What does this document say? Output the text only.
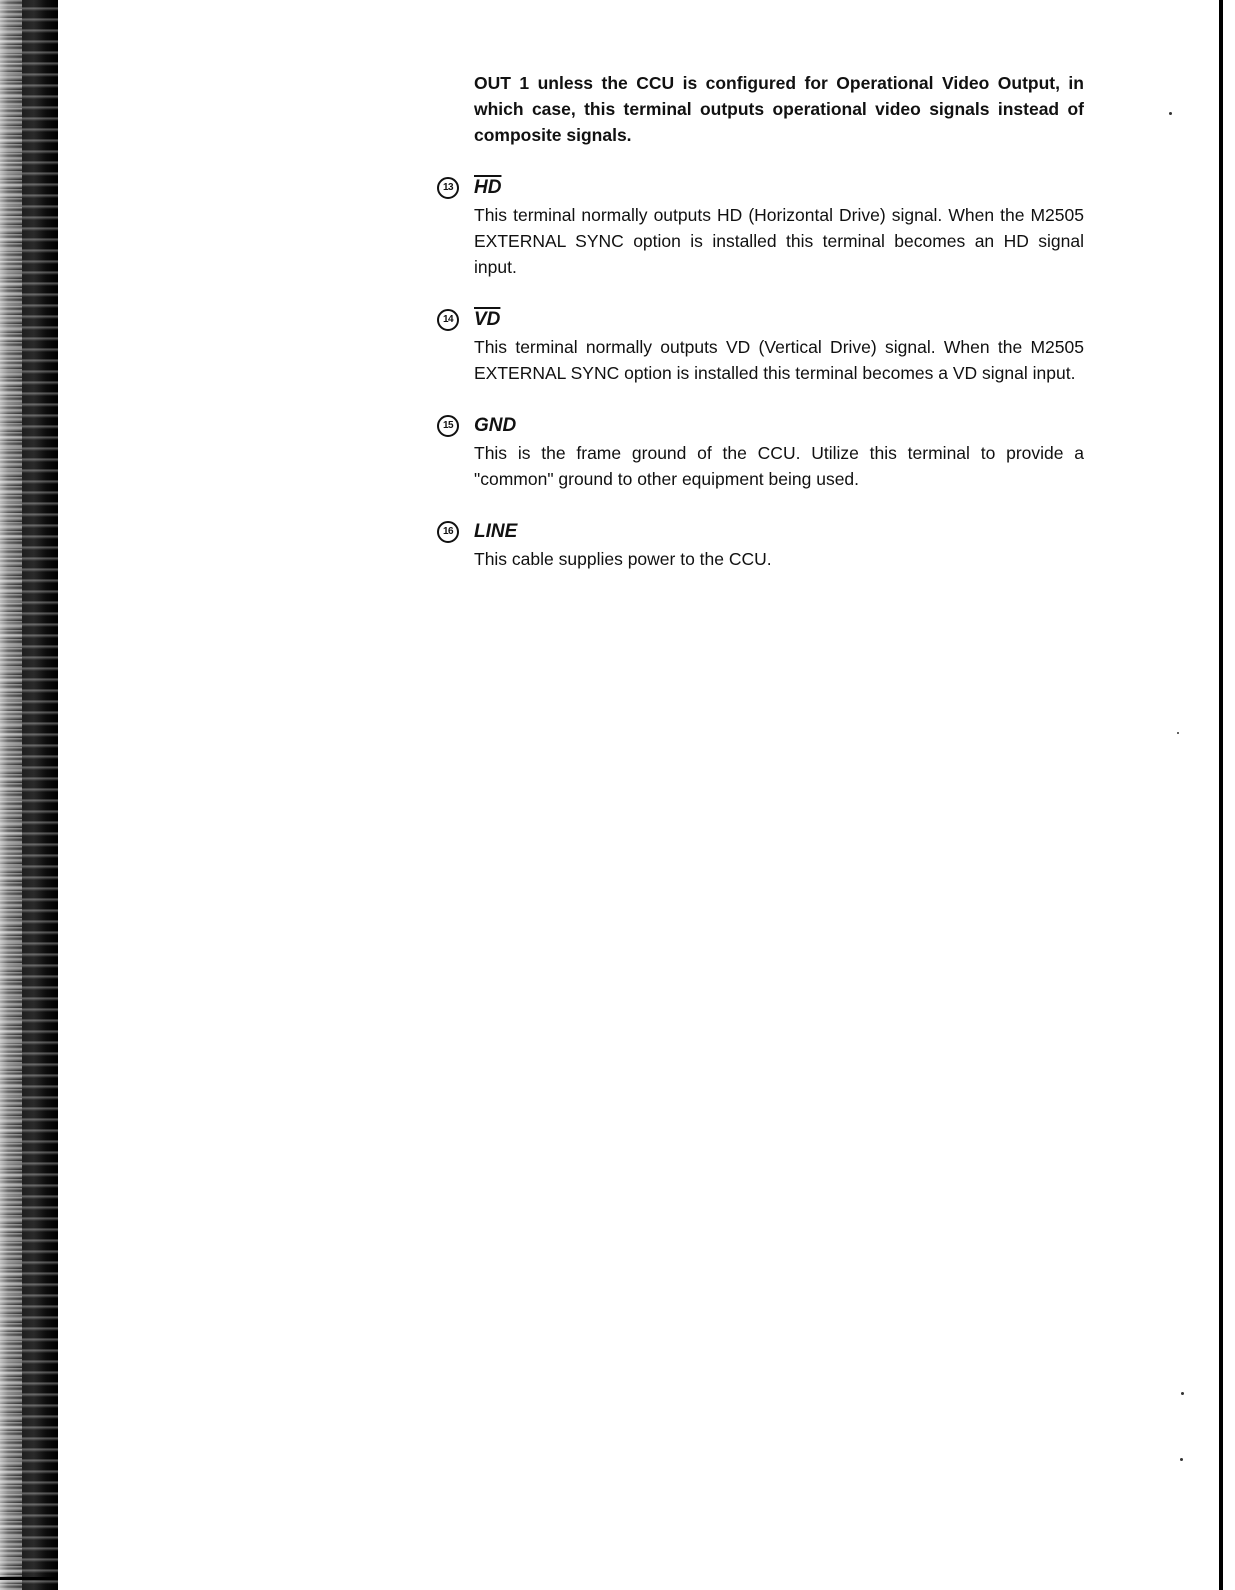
OUT 1 unless the CCU is configured for Operational Video Output, in which case, this terminal outputs operational video signals instead of composite signals.

13	$\overline{HD}$

This terminal normally outputs HD (Horizontal Drive) signal. When the M2505 EXTERNAL SYNC option is installed this terminal becomes an HD signal input.

14	$\overline{VD}$

This terminal normally outputs VD (Vertical Drive) signal. When the M2505 EXTERNAL SYNC option is installed this terminal becomes a VD signal input.

15	GND

This is the frame ground of the CCU. Utilize this terminal to provide a "common" ground to other equipment being used.

16	LINE

This cable supplies power to the CCU.
